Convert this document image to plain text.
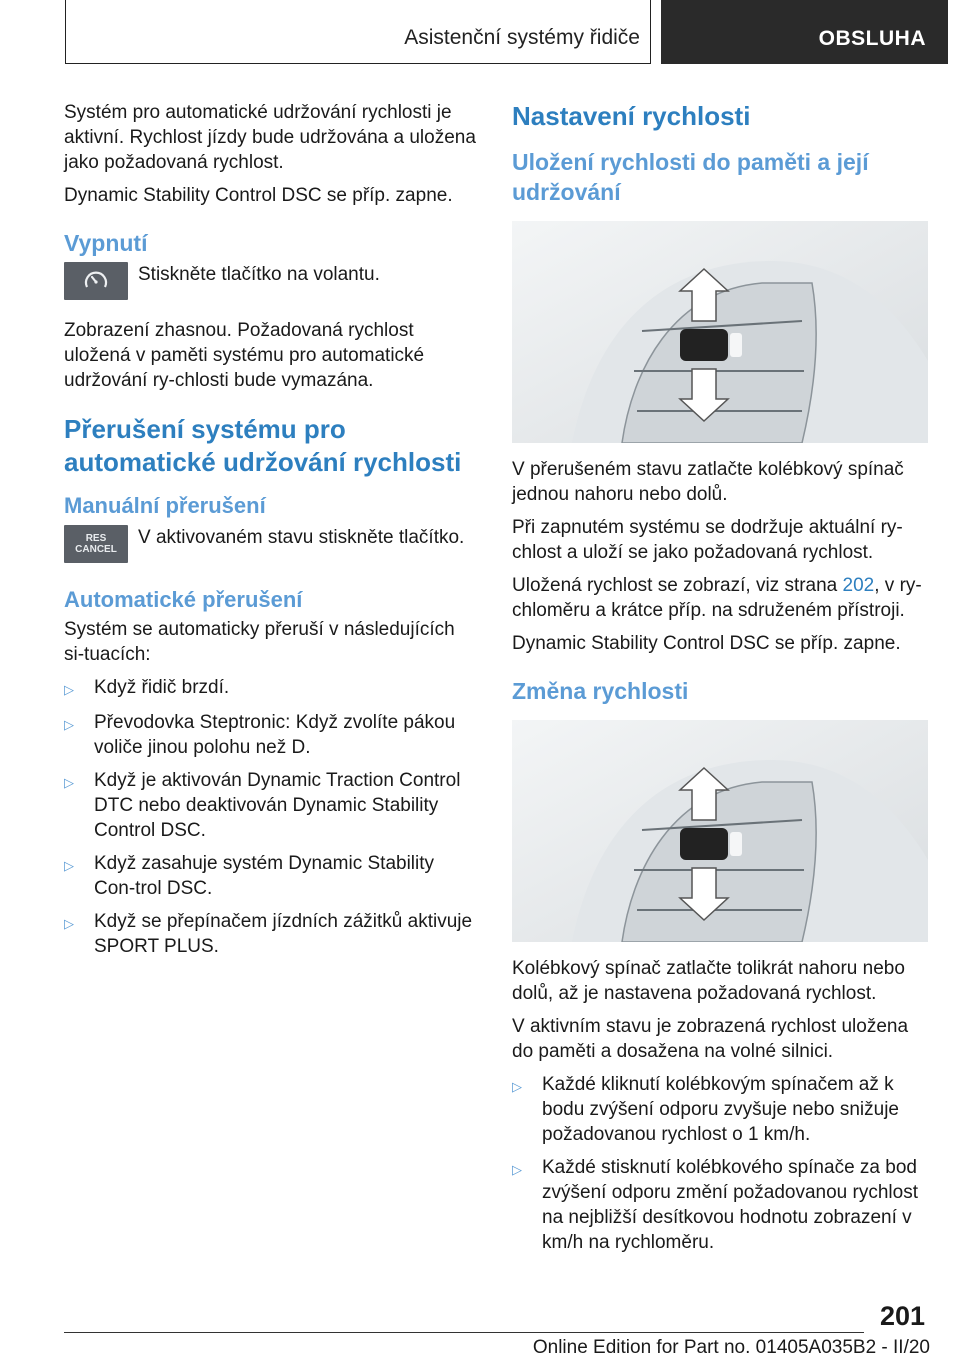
Asistenční systémy řidiče	OBSLUHA

Systém pro automatické udržování rychlosti je aktivní. Rychlost jízdy bude udržována a uložena jako požadovaná rychlost.

Dynamic Stability Control DSC se příp. zapne.

Vypnutí
Stiskněte tlačítko na volantu.

Zobrazení zhasnou. Požadovaná rychlost uložená v paměti systému pro automatické udržování ry‐chlosti bude vymazána.

Přerušení systému pro automatické udržování rychlosti
Manuální přerušení
RES
CANCEL
V aktivovaném stavu stiskněte tlačítko.
Automatické přerušení

Systém se automaticky přeruší v následujících si‐tuacích:

▷	Když řidič brzdí.
▷	Převodovka Steptronic: Když zvolíte pákou voliče jinou polohu než D.
▷	Když je aktivován Dynamic Traction Control DTC nebo deaktivován Dynamic Stability Control DSC.
▷	Když zasahuje systém Dynamic Stability Con‐trol DSC.
▷	Když se přepínačem jízdních zážitků aktivuje SPORT PLUS.
Nastavení rychlosti
Uložení rychlosti do paměti a její udržování

V přerušeném stavu zatlačte kolébkový spínač jednou nahoru nebo dolů.

Při zapnutém systému se dodržuje aktuální ry‐chlost a uloží se jako požadovaná rychlost.

Uložená rychlost se zobrazí, viz strana 202, v ry‐chloměru a krátce příp. na sdruženém přístroji.

Dynamic Stability Control DSC se příp. zapne.

Změna rychlosti

Kolébkový spínač zatlačte tolikrát nahoru nebo dolů, až je nastavena požadovaná rychlost.

V aktivním stavu je zobrazená rychlost uložena do paměti a dosažena na volné silnici.

▷	Každé kliknutí kolébkovým spínačem až k bodu zvýšení odporu zvyšuje nebo snižuje požadovanou rychlost o 1 km/h.
▷	Každé stisknutí kolébkového spínače za bod zvýšení odporu změní požadovanou rychlost na nejbližší desítkovou hodnotu zobrazení v km/h na rychloměru.
201
Online Edition for Part no. 01405A035B2 - II/20
